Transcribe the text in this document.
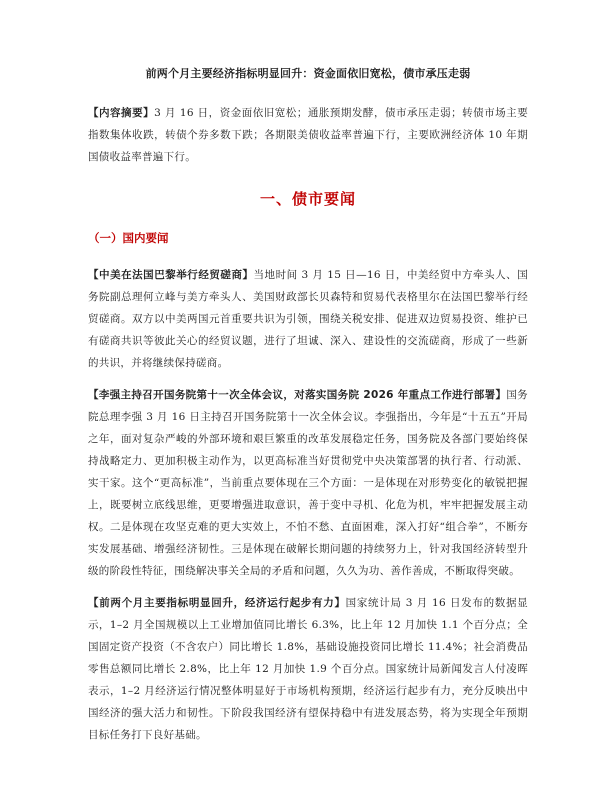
前两个月主要经济指标明显回升：资金面依旧宽松，债市承压走弱

【内容摘要】3 月 16 日，资金面依旧宽松；通胀预期发酵，债市承压走弱；转债市场主要指数集体收跌，转债个券多数下跌；各期限美债收益率普遍下行，主要欧洲经济体 10 年期国债收益率普遍下行。

一、债市要闻
（一）国内要闻

【中美在法国巴黎举行经贸磋商】当地时间 3 月 15 日—16 日，中美经贸中方牵头人、国务院副总理何立峰与美方牵头人、美国财政部长贝森特和贸易代表格里尔在法国巴黎举行经贸磋商。双方以中美两国元首重要共识为引领，围绕关税安排、促进双边贸易投资、维护已有磋商共识等彼此关心的经贸议题，进行了坦诚、深入、建设性的交流磋商，形成了一些新的共识，并将继续保持磋商。

【李强主持召开国务院第十一次全体会议，对落实国务院 2026 年重点工作进行部署】国务院总理李强 3 月 16 日主持召开国务院第十一次全体会议。李强指出，今年是“十五五”开局之年，面对复杂严峻的外部环境和艰巨繁重的改革发展稳定任务，国务院及各部门要始终保持战略定力、更加积极主动作为，以更高标准当好贯彻党中央决策部署的执行者、行动派、实干家。这个“更高标准”，当前重点要体现在三个方面：一是体现在对形势变化的敏锐把握上，既要树立底线思维，更要增强进取意识，善于变中寻机、化危为机，牢牢把握发展主动权。二是体现在攻坚克难的更大实效上，不怕不愁、直面困难，深入打好“组合拳”，不断夯实发展基础、增强经济韧性。三是体现在破解长期问题的持续努力上，针对我国经济转型升级的阶段性特征，围绕解决事关全局的矛盾和问题，久久为功、善作善成，不断取得突破。

【前两个月主要指标明显回升，经济运行起步有力】国家统计局 3 月 16 日发布的数据显示，1–2 月全国规模以上工业增加值同比增长 6.3%，比上年 12 月加快 1.1 个百分点；全国固定资产投资（不含农户）同比增长 1.8%，基础设施投资同比增长 11.4%；社会消费品零售总额同比增长 2.8%，比上年 12 月加快 1.9 个百分点。国家统计局新闻发言人付凌晖表示，1–2 月经济运行情况整体明显好于市场机构预期，经济运行起步有力，充分反映出中国经济的强大活力和韧性。下阶段我国经济有望保持稳中有进发展态势，将为实现全年预期目标任务打下良好基础。
